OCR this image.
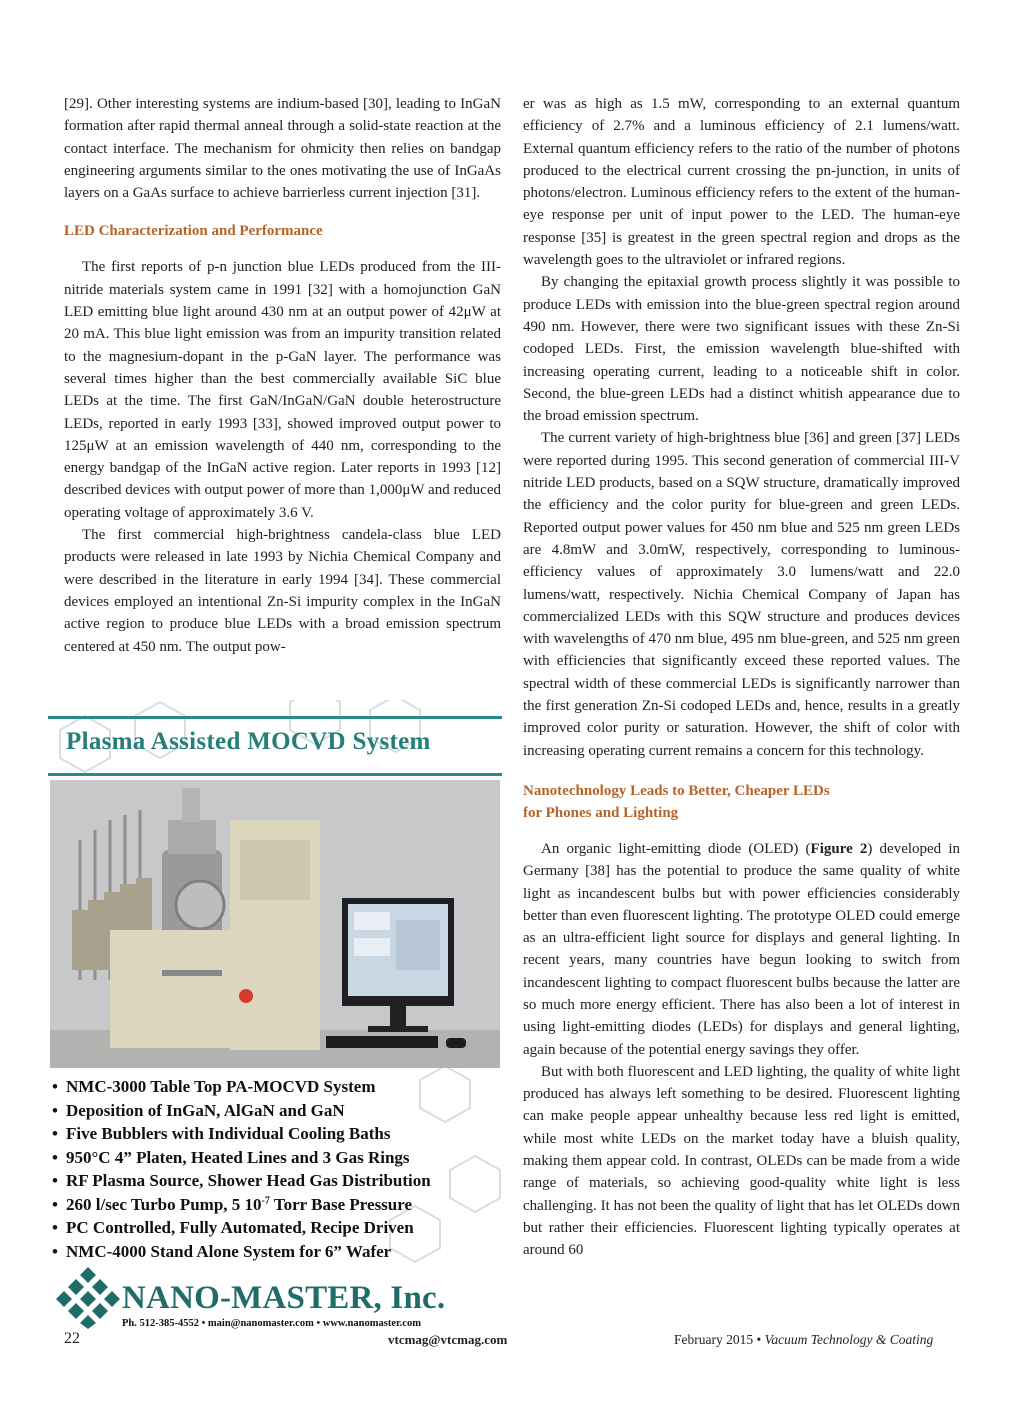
[29]. Other interesting systems are indium-based [30], leading to InGaN formation after rapid thermal anneal through a solid-state reaction at the contact interface. The mechanism for ohmicity then relies on bandgap engineering arguments similar to the ones motivating the use of InGaAs layers on a GaAs surface to achieve barrierless current injection [31].

LED Characterization and Performance

The first reports of p-n junction blue LEDs produced from the III-nitride materials system came in 1991 [32] with a homojunction GaN LED emitting blue light around 430 nm at an output power of 42μW at 20 mA. This blue light emission was from an impurity transition related to the magnesium-dopant in the p-GaN layer. The performance was several times higher than the best commercially available SiC blue LEDs at the time. The first GaN/InGaN/GaN double heterostructure LEDs, reported in early 1993 [33], showed improved output power to 125μW at an emission wavelength of 440 nm, corresponding to the energy bandgap of the InGaN active region. Later reports in 1993 [12] described devices with output power of more than 1,000μW and reduced operating voltage of approximately 3.6 V.

The first commercial high-brightness candela-class blue LED products were released in late 1993 by Nichia Chemical Company and were described in the literature in early 1994 [34]. These commercial devices employed an intentional Zn-Si impurity complex in the InGaN active region to produce blue LEDs with a broad emission spectrum centered at 450 nm. The output pow-

er was as high as 1.5 mW, corresponding to an external quantum efficiency of 2.7% and a luminous efficiency of 2.1 lumens/watt. External quantum efficiency refers to the ratio of the number of photons produced to the electrical current crossing the pn-junction, in units of photons/electron. Luminous efficiency refers to the extent of the human-eye response per unit of input power to the LED. The human-eye response [35] is greatest in the green spectral region and drops as the wavelength goes to the ultraviolet or infrared regions.

By changing the epitaxial growth process slightly it was possible to produce LEDs with emission into the blue-green spectral region around 490 nm. However, there were two significant issues with these Zn-Si codoped LEDs. First, the emission wavelength blue-shifted with increasing operating current, leading to a noticeable shift in color. Second, the blue-green LEDs had a distinct whitish appearance due to the broad emission spectrum.

The current variety of high-brightness blue [36] and green [37] LEDs were reported during 1995. This second generation of commercial III-V nitride LED products, based on a SQW structure, dramatically improved the efficiency and the color purity for blue-green and green LEDs. Reported output power values for 450 nm blue and 525 nm green LEDs are 4.8mW and 3.0mW, respectively, corresponding to luminous-efficiency values of approximately 3.0 lumens/watt and 22.0 lumens/watt, respectively. Nichia Chemical Company of Japan has commercialized LEDs with this SQW structure and produces devices with wavelengths of 470 nm blue, 495 nm blue-green, and 525 nm green with efficiencies that significantly exceed these reported values. The spectral width of these commercial LEDs is significantly narrower than the first generation Zn-Si codoped LEDs and, hence, results in a greatly improved color purity or saturation. However, the shift of color with increasing operating current remains a concern for this technology.

Nanotechnology Leads to Better, Cheaper LEDs
for Phones and Lighting

An organic light-emitting diode (OLED) (Figure 2) developed in Germany [38] has the potential to produce the same quality of white light as incandescent bulbs but with power efficiencies considerably better than even fluorescent lighting. The prototype OLED could emerge as an ultra-efficient light source for displays and general lighting. In recent years, many countries have begun looking to switch from incandescent lighting to compact fluorescent bulbs because the latter are so much more energy efficient. There has also been a lot of interest in using light-emitting diodes (LEDs) for displays and general lighting, again because of the potential energy savings they offer.

But with both fluorescent and LED lighting, the quality of white light produced has always left something to be desired. Fluorescent lighting can make people appear unhealthy because less red light is emitted, while most white LEDs on the market today have a bluish quality, making them appear cold. In contrast, OLEDs can be made from a wide range of materials, so achieving good-quality white light is less challenging. It has not been the quality of light that has let OLEDs down but rather their efficiencies. Fluorescent lighting typically operates at around 60

Plasma Assisted MOCVD System
• NMC-3000 Table Top PA-MOCVD System
• Deposition of InGaN, AlGaN and GaN
• Five Bubblers with Individual Cooling Baths
• 950°C 4” Platen, Heated Lines and 3 Gas Rings
• RF Plasma Source, Shower Head Gas Distribution
• 260 l/sec Turbo Pump, 5 $10^{-7}$ Torr Base Pressure
• PC Controlled, Fully Automated, Recipe Driven
• NMC-4000 Stand Alone System for 6” Wafer
NANO-MASTER, Inc.
Ph. 512-385-4552 • main@nanomaster.com • www.nanomaster.com
22	vtcmag@vtcmag.com	February 2015 • Vacuum Technology & Coating
